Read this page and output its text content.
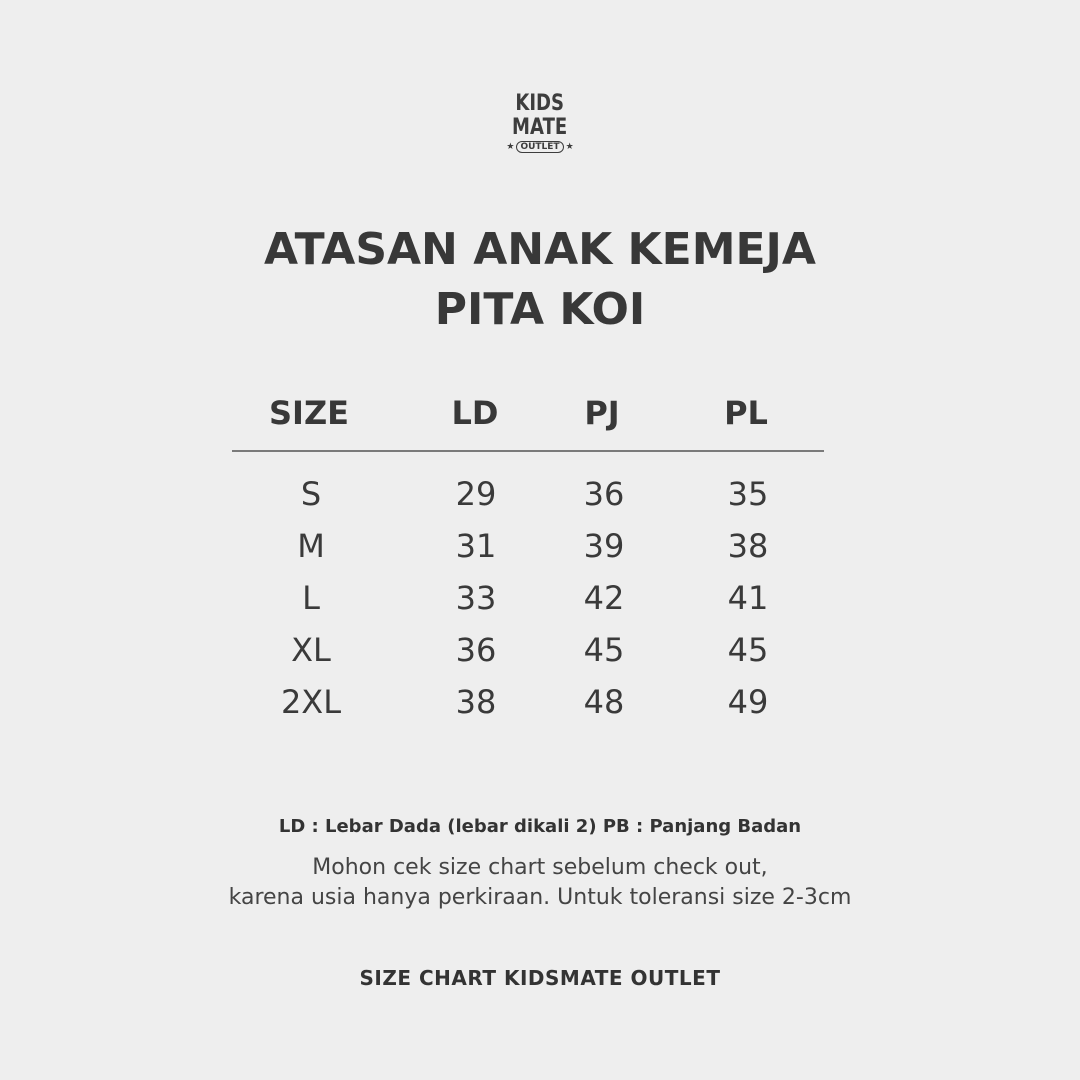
KIDS
MATE
★ OUTLET ★
ATASAN ANAK KEMEJA
PITA KOI
SIZE	LD	PJ	PL
S	29	36	35
M	31	39	38
L	33	42	41
XL	36	45	45
2XL	38	48	49
LD : Lebar Dada (lebar dikali 2) PB : Panjang Badan
Mohon cek size chart sebelum check out,
karena usia hanya perkiraan. Untuk toleransi size 2-3cm
SIZE CHART KIDSMATE OUTLET
